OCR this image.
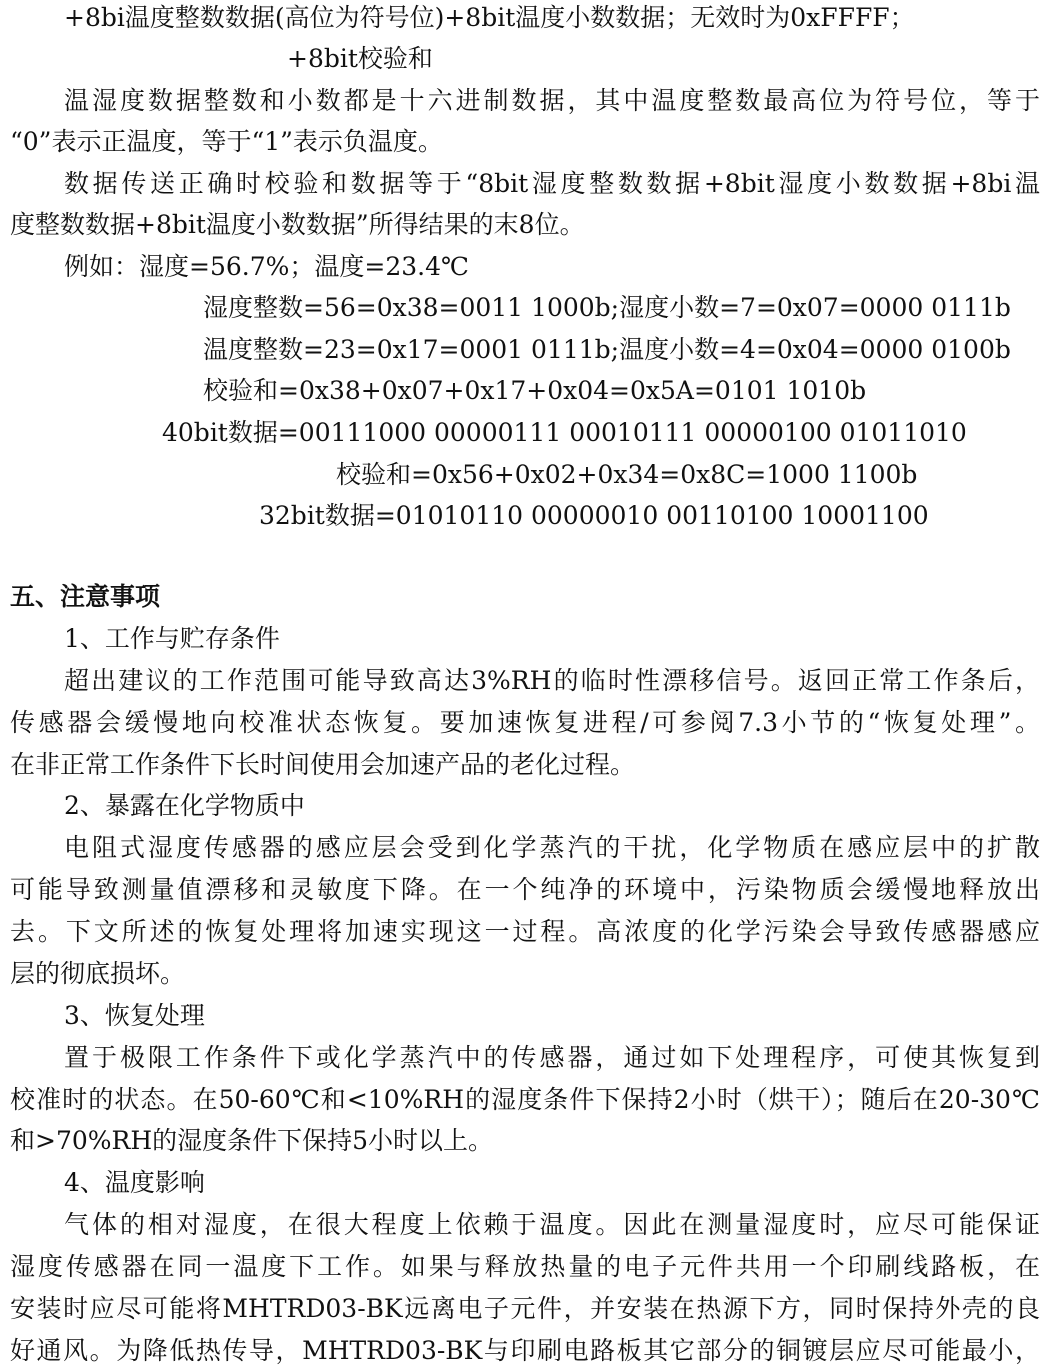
+8bi温度整数数据(高位为符号位)+8bit温度小数数据；无效时为0xFFFF；
+8bit校验和
温湿度数据整数和小数都是十六进制数据，其中温度整数最高位为符号位，等于
“0”表示正温度，等于“1”表示负温度。
数据传送正确时校验和数据等于“8bit湿度整数数据+8bit湿度小数数据+8bi温
度整数数据+8bit温度小数数据”所得结果的末8位。
例如：湿度=56.7%；温度=23.4℃
湿度整数=56=0x38=0011 1000b;湿度小数=7=0x07=0000 0111b
温度整数=23=0x17=0001 0111b;温度小数=4=0x04=0000 0100b
校验和=0x38+0x07+0x17+0x04=0x5A=0101 1010b
40bit数据=00111000 00000111 00010111 00000100 01011010
校验和=0x56+0x02+0x34=0x8C=1000 1100b
32bit数据=01010110 00000010 00110100 10001100
五、注意事项
1、工作与贮存条件
超出建议的工作范围可能导致高达3%RH的临时性漂移信号。返回正常工作条后，
传感器会缓慢地向校准状态恢复。要加速恢复进程/可参阅7.3小节的“恢复处理”。
在非正常工作条件下长时间使用会加速产品的老化过程。
2、暴露在化学物质中
电阻式湿度传感器的感应层会受到化学蒸汽的干扰，化学物质在感应层中的扩散
可能导致测量值漂移和灵敏度下降。在一个纯净的环境中，污染物质会缓慢地释放出
去。下文所述的恢复处理将加速实现这一过程。高浓度的化学污染会导致传感器感应
层的彻底损坏。
3、恢复处理
置于极限工作条件下或化学蒸汽中的传感器，通过如下处理程序，可使其恢复到
校准时的状态。在50-60℃和<10%RH的湿度条件下保持2小时（烘干）；随后在20-30℃
和>70%RH的湿度条件下保持5小时以上。
4、温度影响
气体的相对湿度，在很大程度上依赖于温度。因此在测量湿度时，应尽可能保证
湿度传感器在同一温度下工作。如果与释放热量的电子元件共用一个印刷线路板，在
安装时应尽可能将MHTRD03-BK远离电子元件，并安装在热源下方，同时保持外壳的良
好通风。为降低热传导，MHTRD03-BK与印刷电路板其它部分的铜镀层应尽可能最小，
